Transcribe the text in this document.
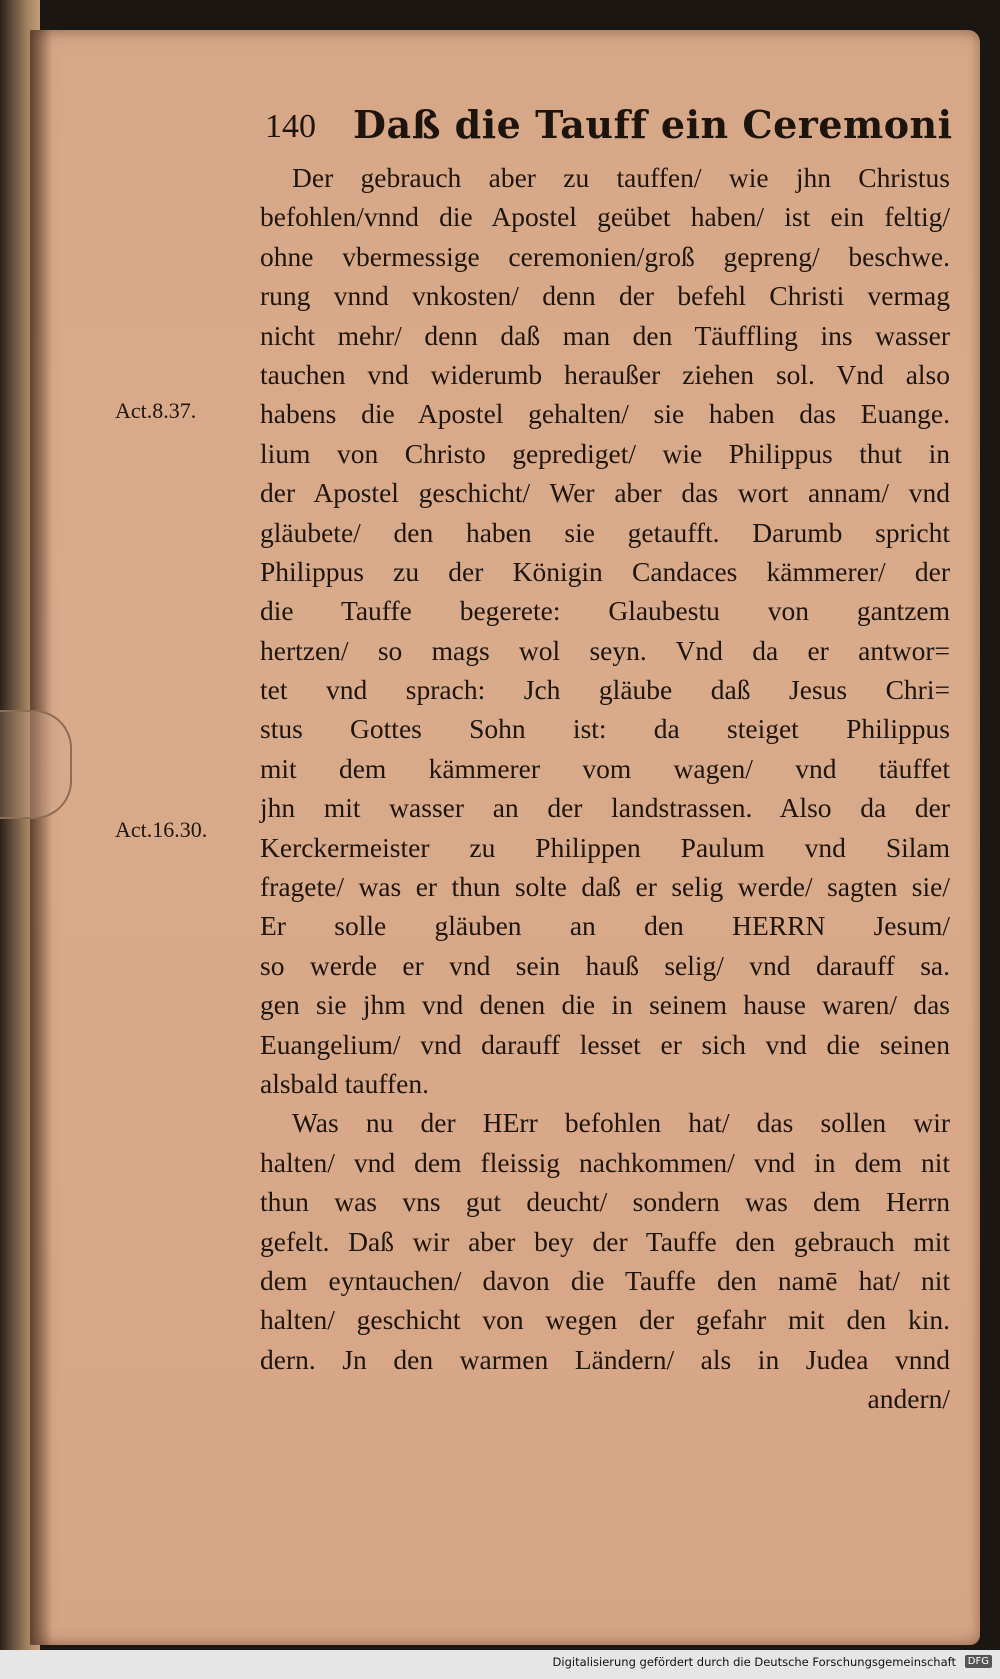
140 Daß die Tauff ein Ceremoni
Act.8.37.
Act.16.30.
Der gebrauch aber zu tauffen/ wie jhn Christus
befohlen/vnnd die Apostel geübet haben/ ist ein feltig/
ohne vbermessige ceremonien/groß gepreng/ beschwe.
rung vnnd vnkosten/ denn der befehl Christi vermag
nicht mehr/ denn daß man den Täuffling ins wasser
tauchen vnd widerumb heraußer ziehen sol. Vnd also
habens die Apostel gehalten/ sie haben das Euange.
lium von Christo geprediget/ wie Philippus thut in
der Apostel geschicht/ Wer aber das wort annam/ vnd
gläubete/ den haben sie getaufft. Darumb spricht
Philippus zu der Königin Candaces kämmerer/ der
die Tauffe begerete: Glaubestu von gantzem
hertzen/ so mags wol seyn. Vnd da er antwor=
tet vnd sprach: Jch gläube daß Jesus Chri=
stus Gottes Sohn ist: da steiget Philippus
mit dem kämmerer vom wagen/ vnd täuffet
jhn mit wasser an der landstrassen. Also da der
Kerckermeister zu Philippen Paulum vnd Silam
fragete/ was er thun solte daß er selig werde/ sagten sie/
Er solle gläuben an den HERRN Jesum/
so werde er vnd sein hauß selig/ vnd darauff sa.
gen sie jhm vnd denen die in seinem hause waren/ das
Euangelium/ vnd darauff lesset er sich vnd die seinen
alsbald tauffen.
Was nu der HErr befohlen hat/ das sollen wir
halten/ vnd dem fleissig nachkommen/ vnd in dem nit
thun was vns gut deucht/ sondern was dem Herrn
gefelt. Daß wir aber bey der Tauffe den gebrauch mit
dem eyntauchen/ davon die Tauffe den namē hat/ nit
halten/ geschicht von wegen der gefahr mit den kin.
dern. Jn den warmen Ländern/ als in Judea vnnd
andern/
Digitalisierung gefördert durch die Deutsche Forschungsgemeinschaft	DFG
